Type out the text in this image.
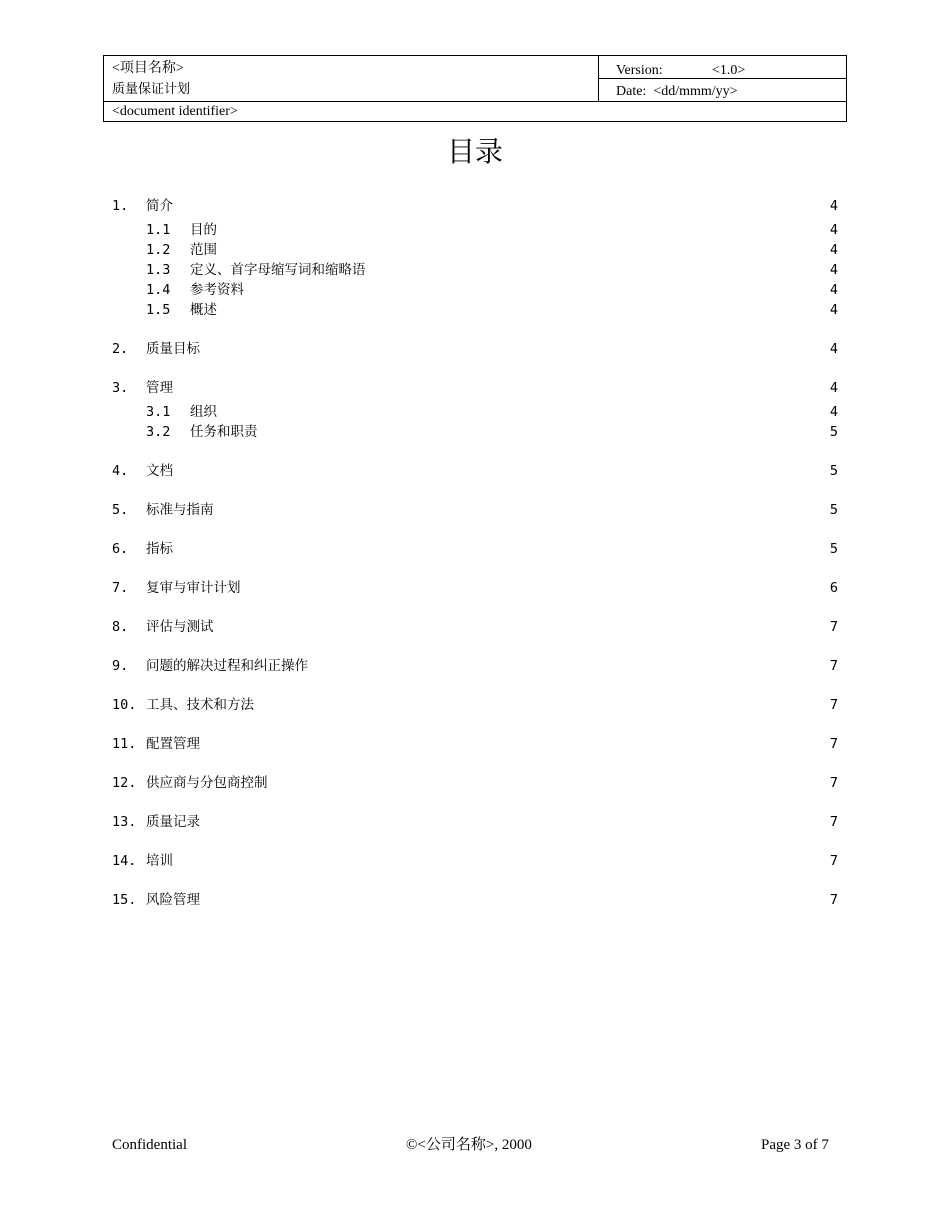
<项目名称>
质量保证计划
<document identifier>
Version:	<1.0>
Date:  <dd/mmm/yy>
目录
1. 简介	4
1.1 目的	4
1.2 范围	4
1.3 定义、首字母缩写词和缩略语	4
1.4 参考资料	4
1.5 概述	4
2. 质量目标	4
3. 管理	4
3.1 组织	4
3.2 任务和职责	5
4. 文档	5
5. 标准与指南	5
6. 指标	5
7. 复审与审计计划	6
8. 评估与测试	7
9. 问题的解决过程和纠正操作	7
10. 工具、技术和方法	7
11. 配置管理	7
12. 供应商与分包商控制	7
13. 质量记录	7
14. 培训	7
15. 风险管理	7
Confidential	©<公司名称>, 2000	Page 3 of 7
